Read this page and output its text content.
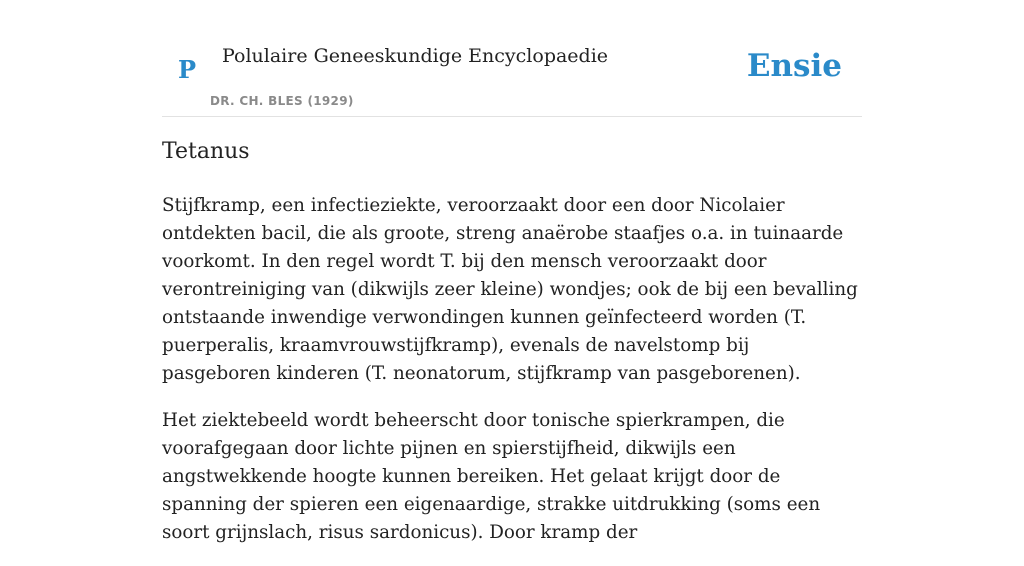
P Polulaire Geneeskundige Encyclopaedie
DR. CH. BLES (1929)
Ensie
Tetanus

Stijfkramp, een infectieziekte, veroorzaakt door een door Nicolaier ontdekten bacil, die als groote, streng anaërobe staafjes o.a. in tuinaarde voorkomt. In den regel wordt T. bij den mensch veroorzaakt door verontreiniging van (dikwijls zeer kleine) wondjes; ook de bij een bevalling ontstaande inwendige verwondingen kunnen geïnfecteerd worden (T. puerperalis, kraamvrouwstijfkramp), evenals de navelstomp bij pasgeboren kinderen (T. neonatorum, stijfkramp van pasgeborenen).

Het ziektebeeld wordt beheerscht door tonische spierkrampen, die voorafgegaan door lichte pijnen en spierstijfheid, dikwijls een angstwekkende hoogte kunnen bereiken. Het gelaat krijgt door de spanning der spieren een eigenaardige, strakke uitdrukking (soms een soort grijnslach, risus sardonicus). Door kramp der
